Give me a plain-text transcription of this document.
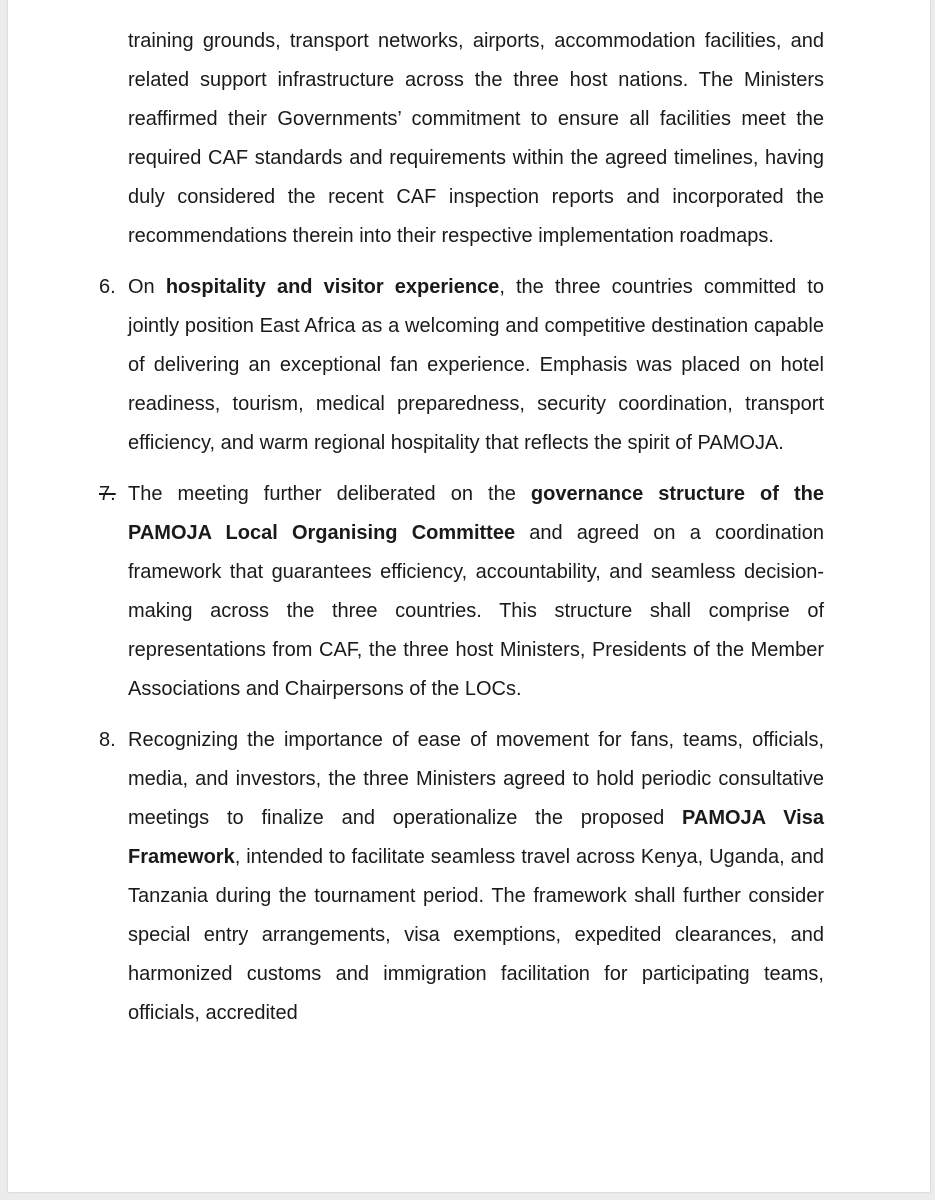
training grounds, transport networks, airports, accommodation facilities, and related support infrastructure across the three host nations. The Ministers reaffirmed their Governments’ commitment to ensure all facilities meet the required CAF standards and requirements within the agreed timelines, having duly considered the recent CAF inspection reports and incorporated the recommendations therein into their respective implementation roadmaps.

6. On hospitality and visitor experience, the three countries committed to jointly position East Africa as a welcoming and competitive destination capable of delivering an exceptional fan experience. Emphasis was placed on hotel readiness, tourism, medical preparedness, security coordination, transport efficiency, and warm regional hospitality that reflects the spirit of PAMOJA.
7. The meeting further deliberated on the governance structure of the PAMOJA Local Organising Committee and agreed on a coordination framework that guarantees efficiency, accountability, and seamless decision-making across the three countries. This structure shall comprise of representations from CAF, the three host Ministers, Presidents of the Member Associations and Chairpersons of the LOCs.
8. Recognizing the importance of ease of movement for fans, teams, officials, media, and investors, the three Ministers agreed to hold periodic consultative meetings to finalize and operationalize the proposed PAMOJA Visa Framework, intended to facilitate seamless travel across Kenya, Uganda, and Tanzania during the tournament period. The framework shall further consider special entry arrangements, visa exemptions, expedited clearances, and harmonized customs and immigration facilitation for participating teams, officials, accredited
